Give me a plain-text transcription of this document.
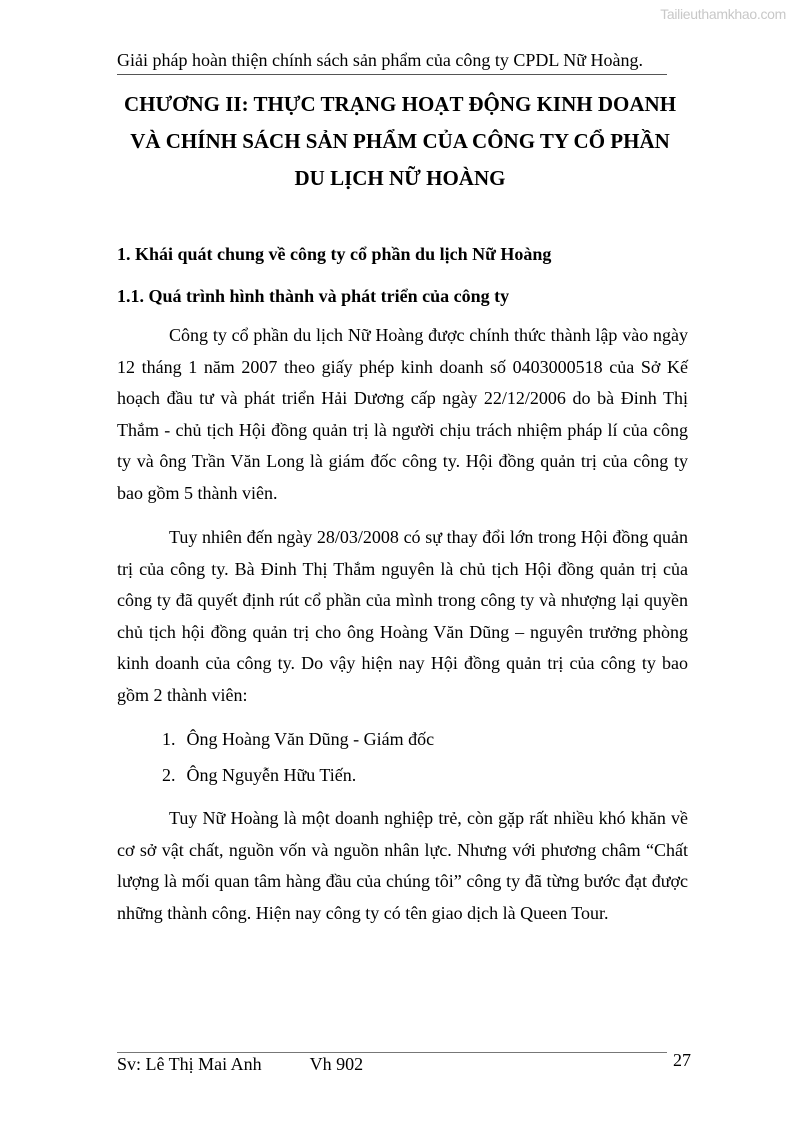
Tailieuthamkhao.com
Giải pháp hoàn thiện chính sách sản phẩm của công ty CPDL Nữ Hoàng.
CHƯƠNG II: THỰC TRẠNG HOẠT ĐỘNG KINH DOANH
VÀ CHÍNH SÁCH SẢN PHẨM CỦA CÔNG TY CỔ PHẦN
DU LỊCH NỮ HOÀNG
1. Khái quát chung về công ty cổ phần du lịch Nữ Hoàng
1.1. Quá trình hình thành và phát triển của công ty

Công ty cổ phần du lịch Nữ Hoàng được chính thức thành lập vào ngày 12 tháng 1 năm 2007 theo giấy phép kinh doanh số 0403000518 của Sở Kế hoạch đầu tư và phát triển Hải Dương cấp ngày 22/12/2006 do bà Đinh Thị Thắm - chủ tịch Hội đồng quản trị là người chịu trách nhiệm pháp lí của công ty và ông Trần Văn Long là giám đốc công ty. Hội đồng quản trị của công ty bao gồm 5 thành viên.

Tuy nhiên đến ngày 28/03/2008 có sự thay đổi lớn trong Hội đồng quản trị của công ty. Bà Đinh Thị Thắm nguyên là chủ tịch Hội đồng quản trị của công ty đã quyết định rút cổ phần của mình trong công ty và nhượng lại quyền chủ tịch hội đồng quản trị cho ông Hoàng Văn Dũng – nguyên trưởng phòng kinh doanh của công ty. Do vậy hiện nay Hội đồng quản trị của công ty bao gồm 2 thành viên:

1. Ông Hoàng Văn Dũng - Giám đốc
2. Ông Nguyễn Hữu Tiến.

Tuy Nữ Hoàng là một doanh nghiệp trẻ, còn gặp rất nhiều khó khăn về cơ sở vật chất, nguồn vốn và nguồn nhân lực. Nhưng với phương châm “Chất lượng là mối quan tâm hàng đầu của chúng tôi” công ty đã từng bước đạt được những thành công. Hiện nay công ty có tên giao dịch là Queen Tour.

Sv: Lê Thị Mai Anh	Vh 902	27
